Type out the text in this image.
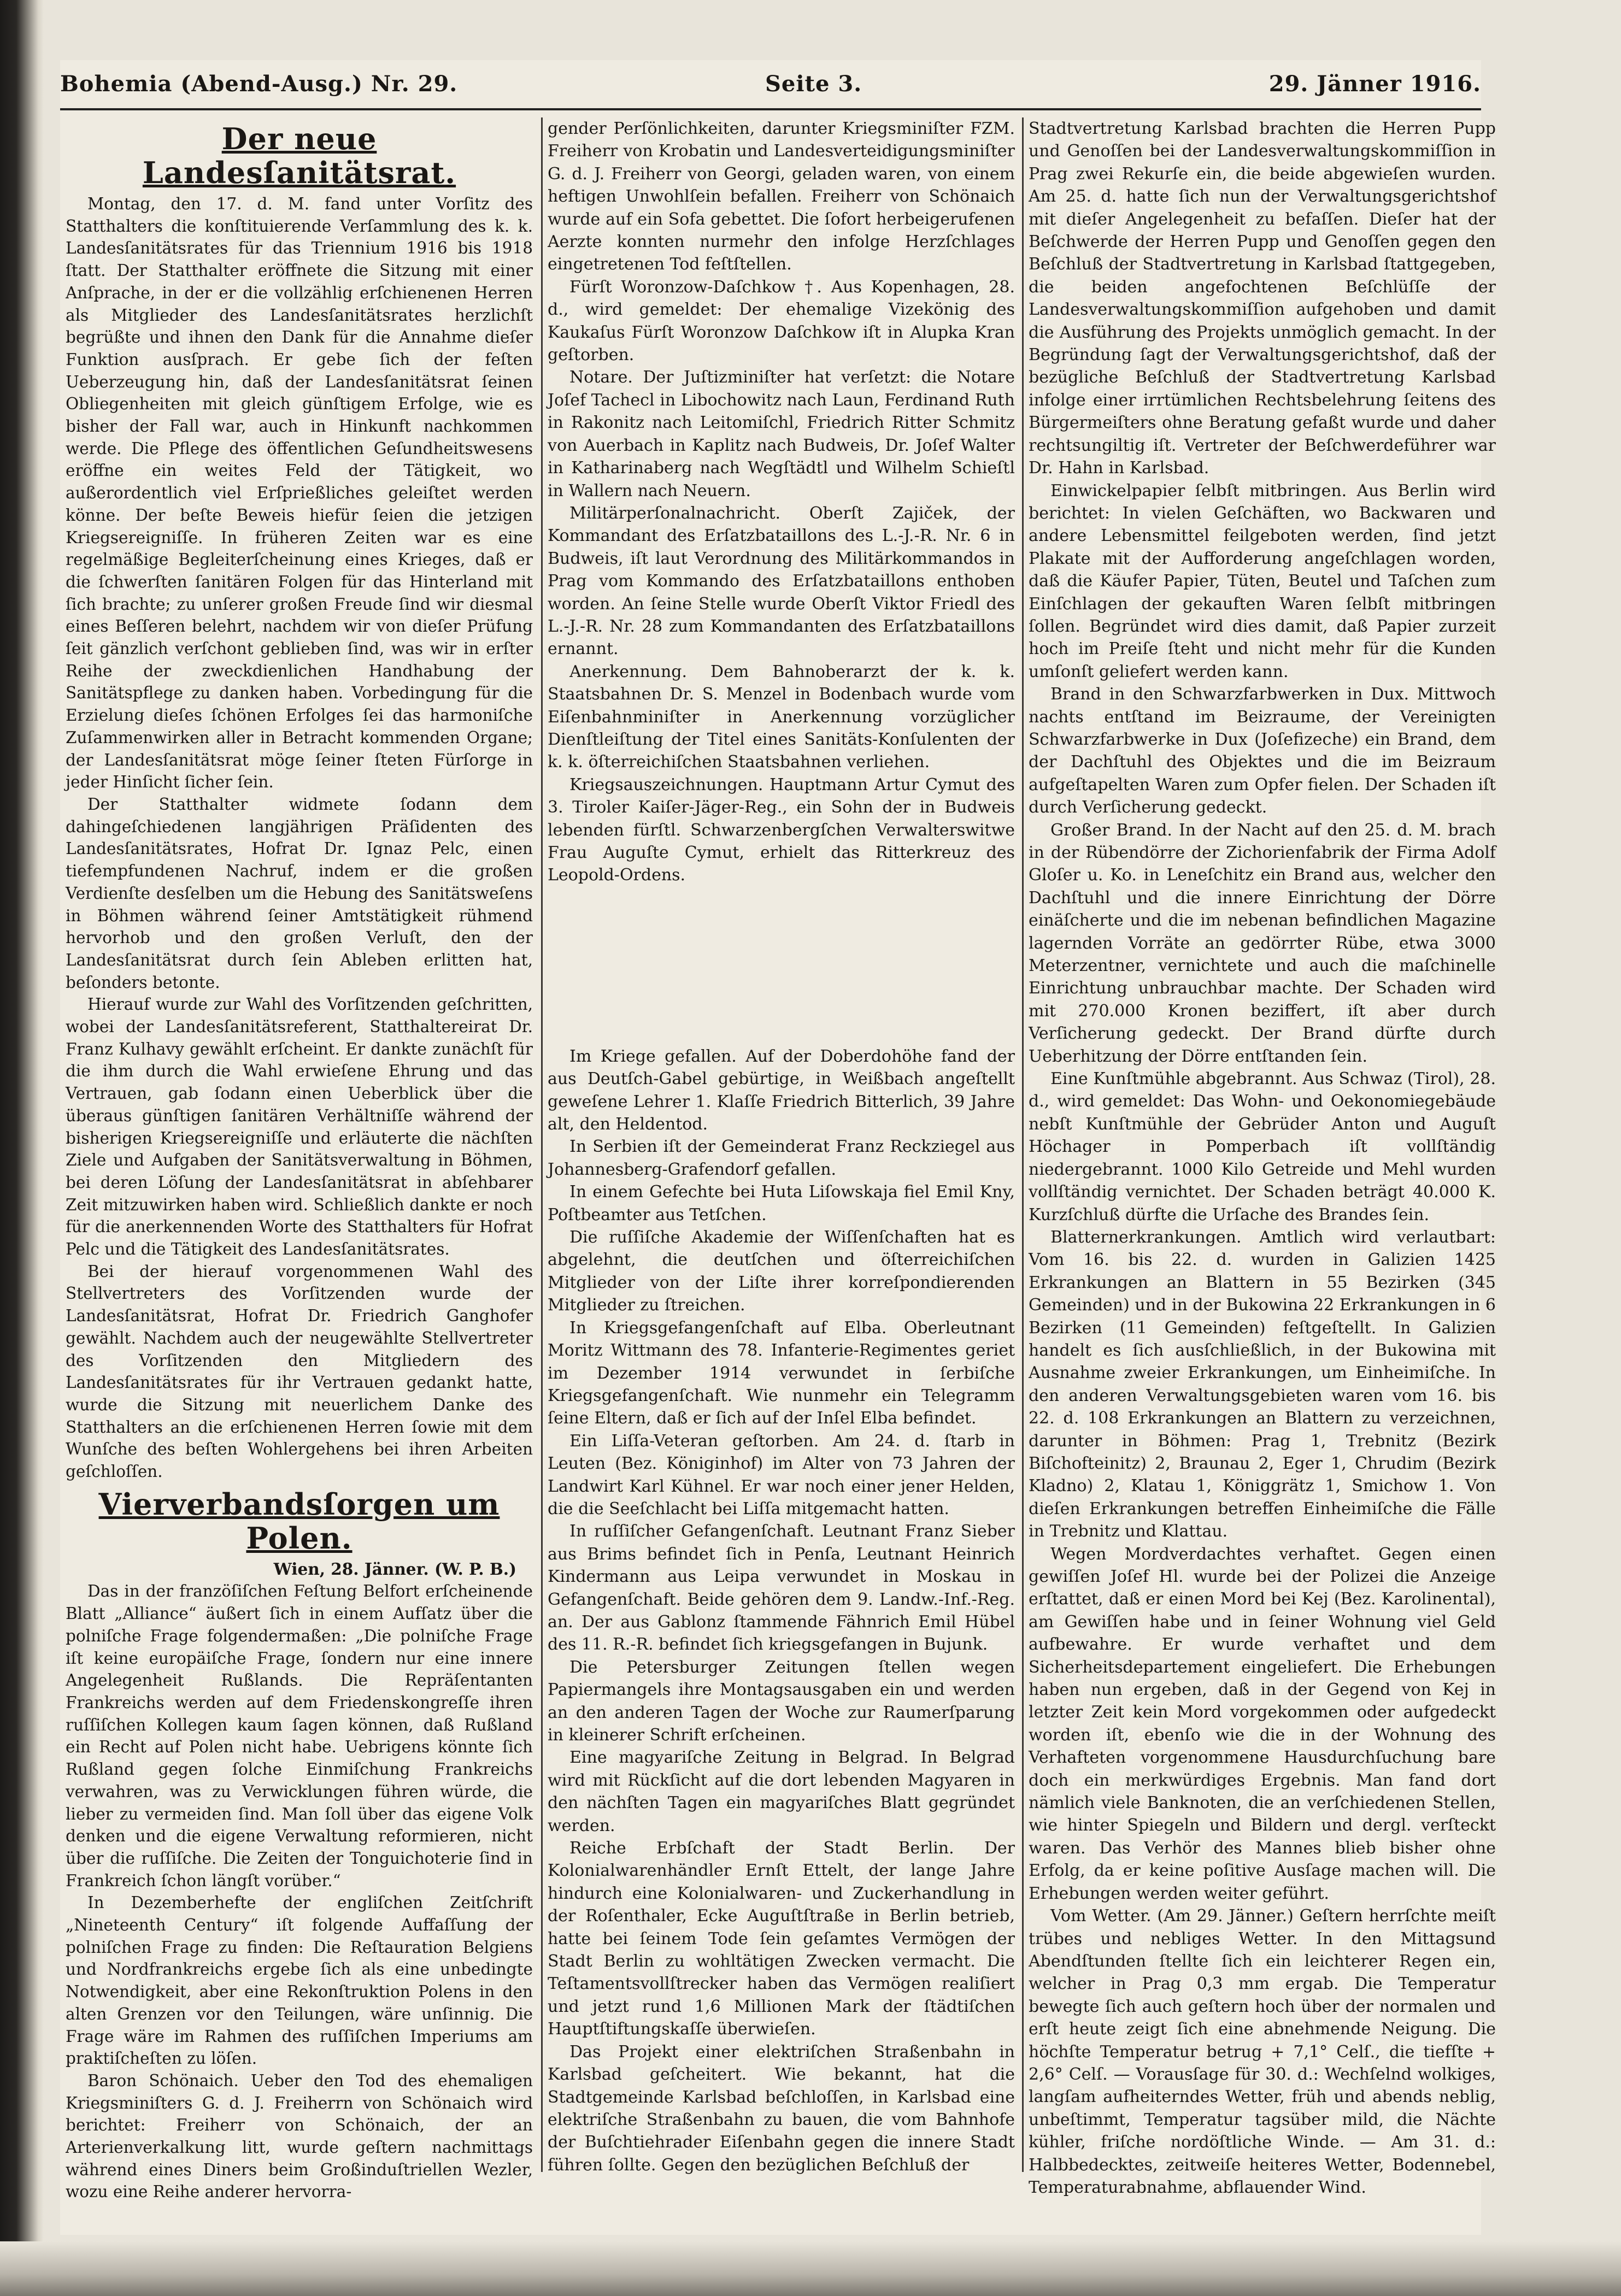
Bohemia (Abend-Ausg.) Nr. 29.	Seite 3.	29. Jänner 1916.
Der neue Landesſanitätsrat.

Montag, den 17. d. M. fand unter Vorſitz des Statthalters die konſtituierende Verſammlung des k. k. Landesſanitätsrates für das Triennium 1916 bis 1918 ſtatt. Der Statthalter eröffnete die Sitzung mit einer Anſprache, in der er die vollzählig erſchienenen Herren als Mitglieder des Landesſanitätsrates herzlichſt begrüßte und ihnen den Dank für die Annahme dieſer Funktion ausſprach. Er gebe ſich der feſten Ueberzeugung hin, daß der Landesſanitätsrat ſeinen Obliegenheiten mit gleich günſtigem Erfolge, wie es bisher der Fall war, auch in Hinkunft nachkommen werde. Die Pflege des öffentlichen Geſundheitswesens eröffne ein weites Feld der Tätigkeit, wo außerordentlich viel Erſprießliches geleiſtet werden könne. Der beſte Beweis hiefür ſeien die jetzigen Kriegsereigniſſe. In früheren Zeiten war es eine regelmäßige Begleiterſcheinung eines Krieges, daß er die ſchwerſten ſanitären Folgen für das Hinterland mit ſich brachte; zu unſerer großen Freude ſind wir diesmal eines Beſſeren belehrt, nachdem wir von dieſer Prüfung ſeit gänzlich verſchont geblieben ſind, was wir in erſter Reihe der zweckdienlichen Handhabung der Sanitätspflege zu danken haben. Vorbedingung für die Erzielung dieſes ſchönen Erfolges ſei das harmoniſche Zuſammenwirken aller in Betracht kommenden Organe; der Landesſanitätsrat möge ſeiner ſteten Fürſorge in jeder Hinſicht ſicher ſein.

Der Statthalter widmete ſodann dem dahingeſchiedenen langjährigen Präſidenten des Landesſanitätsrates, Hofrat Dr. Ignaz Pelc, einen tiefempfundenen Nachruf, indem er die großen Verdienſte desſelben um die Hebung des Sanitätsweſens in Böhmen während ſeiner Amtstätigkeit rühmend hervorhob und den großen Verluſt, den der Landesſanitätsrat durch ſein Ableben erlitten hat, beſonders betonte.

Hierauf wurde zur Wahl des Vorſitzenden geſchritten, wobei der Landesſanitätsreferent, Statthaltereirat Dr. Franz Kulhavy gewählt erſcheint. Er dankte zunächſt für die ihm durch die Wahl erwieſene Ehrung und das Vertrauen, gab ſodann einen Ueberblick über die überaus günſtigen ſanitären Verhältniſſe während der bisherigen Kriegsereigniſſe und erläuterte die nächſten Ziele und Aufgaben der Sanitätsverwaltung in Böhmen, bei deren Löſung der Landesſanitätsrat in abſehbarer Zeit mitzuwirken haben wird. Schließlich dankte er noch für die anerkennenden Worte des Statthalters für Hofrat Pelc und die Tätigkeit des Landesſanitätsrates.

Bei der hierauf vorgenommenen Wahl des Stellvertreters des Vorſitzenden wurde der Landesſanitätsrat, Hofrat Dr. Friedrich Ganghofer gewählt. Nachdem auch der neugewählte Stellvertreter des Vorſitzenden den Mitgliedern des Landesſanitätsrates für ihr Vertrauen gedankt hatte, wurde die Sitzung mit neuerlichem Danke des Statthalters an die erſchienenen Herren ſowie mit dem Wunſche des beſten Wohlergehens bei ihren Arbeiten geſchloſſen.

Vierverbandsſorgen um Polen.

Wien, 28. Jänner. (W. P. B.)

Das in der franzöſiſchen Feſtung Belfort erſcheinende Blatt „Alliance“ äußert ſich in einem Aufſatz über die polniſche Frage folgendermaßen: „Die polniſche Frage iſt keine europäiſche Frage, ſondern nur eine innere Angelegenheit Rußlands. Die Repräſentanten Frankreichs werden auf dem Friedenskongreſſe ihren ruſſiſchen Kollegen kaum ſagen können, daß Rußland ein Recht auf Polen nicht habe. Uebrigens könnte ſich Rußland gegen ſolche Einmiſchung Frankreichs verwahren, was zu Verwicklungen führen würde, die lieber zu vermeiden ſind. Man ſoll über das eigene Volk denken und die eigene Verwaltung reformieren, nicht über die ruſſiſche. Die Zeiten der Tonguichoterie ſind in Frankreich ſchon längſt vorüber.“

In Dezemberhefte der engliſchen Zeitſchrift „Nineteenth Century“ iſt folgende Auffaſſung der polniſchen Frage zu finden: Die Reſtauration Belgiens und Nordfrankreichs ergebe ſich als eine unbedingte Notwendigkeit, aber eine Rekonſtruktion Polens in den alten Grenzen vor den Teilungen, wäre unſinnig. Die Frage wäre im Rahmen des ruſſiſchen Imperiums am praktiſcheſten zu löſen.

Baron Schönaich. Ueber den Tod des ehemaligen Kriegsminiſters G. d. J. Freiherrn von Schönaich wird berichtet: Freiherr von Schönaich, der an Arterienverkalkung litt, wurde geſtern nachmittags während eines Diners beim Großinduſtriellen Wezler, wozu eine Reihe anderer hervorra-

gender Perſönlichkeiten, darunter Kriegsminiſter FZM. Freiherr von Krobatin und Landesverteidigungsminiſter G. d. J. Freiherr von Georgi, geladen waren, von einem heftigen Unwohlſein befallen. Freiherr von Schönaich wurde auf ein Sofa gebettet. Die ſofort herbeigerufenen Aerzte konnten nurmehr den infolge Herzſchlages eingetretenen Tod feſtſtellen.

Fürſt Woronzow-Daſchkow †. Aus Kopenhagen, 28. d., wird gemeldet: Der ehemalige Vizekönig des Kaukaſus Fürſt Woronzow Daſchkow iſt in Alupka Kran geſtorben.

Notare. Der Juſtizminiſter hat verſetzt: die Notare Joſef Tachecl in Libochowitz nach Laun, Ferdinand Ruth in Rakonitz nach Leitomiſchl, Friedrich Ritter Schmitz von Auerbach in Kaplitz nach Budweis, Dr. Joſef Walter in Katharinaberg nach Wegſtädtl und Wilhelm Schieſtl in Wallern nach Neuern.

Militärperſonalnachricht. Oberſt Zajiček, der Kommandant des Erſatzbataillons des L.-J.-R. Nr. 6 in Budweis, iſt laut Verordnung des Militärkommandos in Prag vom Kommando des Erſatzbataillons enthoben worden. An ſeine Stelle wurde Oberſt Viktor Friedl des L.-J.-R. Nr. 28 zum Kommandanten des Erſatzbataillons ernannt.

Anerkennung. Dem Bahnoberarzt der k. k. Staatsbahnen Dr. S. Menzel in Bodenbach wurde vom Eiſenbahnminiſter in Anerkennung vorzüglicher Dienſtleiſtung der Titel eines Sanitäts-Konſulenten der k. k. öſterreichiſchen Staatsbahnen verliehen.

Kriegsauszeichnungen. Hauptmann Artur Cymut des 3. Tiroler Kaiſer-Jäger-Reg., ein Sohn der in Budweis lebenden fürſtl. Schwarzenbergſchen Verwalterswitwe Frau Auguſte Cymut, erhielt das Ritterkreuz des Leopold-Ordens.

Im Kriege gefallen. Auf der Doberdohöhe fand der aus Deutſch-Gabel gebürtige, in Weißbach angeſtellt geweſene Lehrer 1. Klaſſe Friedrich Bitterlich, 39 Jahre alt, den Heldentod.

In Serbien iſt der Gemeinderat Franz Reckziegel aus Johannesberg-Grafendorf gefallen.

In einem Gefechte bei Huta Liſowskaja fiel Emil Kny, Poſtbeamter aus Tetſchen.

Die ruſſiſche Akademie der Wiſſenſchaften hat es abgelehnt, die deutſchen und öſterreichiſchen Mitglieder von der Liſte ihrer korreſpondierenden Mitglieder zu ſtreichen.

In Kriegsgefangenſchaft auf Elba. Oberleutnant Moritz Wittmann des 78. Infanterie-Regimentes geriet im Dezember 1914 verwundet in ſerbiſche Kriegsgefangenſchaft. Wie nunmehr ein Telegramm ſeine Eltern, daß er ſich auf der Inſel Elba befindet.

Ein Liſſa-Veteran geſtorben. Am 24. d. ſtarb in Leuten (Bez. Königinhof) im Alter von 73 Jahren der Landwirt Karl Kühnel. Er war noch einer jener Helden, die die Seeſchlacht bei Liſſa mitgemacht hatten.

In ruſſiſcher Gefangenſchaft. Leutnant Franz Sieber aus Brims befindet ſich in Penſa, Leutnant Heinrich Kindermann aus Leipa verwundet in Moskau in Gefangenſchaft. Beide gehören dem 9. Landw.-Inf.-Reg. an. Der aus Gablonz ſtammende Fähnrich Emil Hübel des 11. R.-R. befindet ſich kriegsgefangen in Bujunk.

Die Petersburger Zeitungen ſtellen wegen Papiermangels ihre Montagsausgaben ein und werden an den anderen Tagen der Woche zur Raumerſparung in kleinerer Schrift erſcheinen.

Eine magyariſche Zeitung in Belgrad. In Belgrad wird mit Rückſicht auf die dort lebenden Magyaren in den nächſten Tagen ein magyariſches Blatt gegründet werden.

Reiche Erbſchaft der Stadt Berlin. Der Kolonialwarenhändler Ernſt Ettelt, der lange Jahre hindurch eine Kolonialwaren- und Zuckerhandlung in der Roſenthaler, Ecke Auguſtſtraße in Berlin betrieb, hatte bei ſeinem Tode ſein geſamtes Vermögen der Stadt Berlin zu wohltätigen Zwecken vermacht. Die Teſtamentsvollſtrecker haben das Vermögen realiſiert und jetzt rund 1,6 Millionen Mark der ſtädtiſchen Hauptſtiftungskaſſe überwieſen.

Das Projekt einer elektriſchen Straßenbahn in Karlsbad geſcheitert. Wie bekannt, hat die Stadtgemeinde Karlsbad beſchloſſen, in Karlsbad eine elektriſche Straßenbahn zu bauen, die vom Bahnhofe der Buſchtiehrader Eiſenbahn gegen die innere Stadt führen ſollte. Gegen den bezüglichen Beſchluß der

Stadtvertretung Karlsbad brachten die Herren Pupp und Genoſſen bei der Landesverwaltungskommiſſion in Prag zwei Rekurſe ein, die beide abgewieſen wurden. Am 25. d. hatte ſich nun der Verwaltungsgerichtshof mit dieſer Angelegenheit zu befaſſen. Dieſer hat der Beſchwerde der Herren Pupp und Genoſſen gegen den Beſchluß der Stadtvertretung in Karlsbad ſtattgegeben, die beiden angefochtenen Beſchlüſſe der Landesverwaltungskommiſſion aufgehoben und damit die Ausführung des Projekts unmöglich gemacht. In der Begründung ſagt der Verwaltungsgerichtshof, daß der bezügliche Beſchluß der Stadtvertretung Karlsbad infolge einer irrtümlichen Rechtsbelehrung ſeitens des Bürgermeiſters ohne Beratung gefaßt wurde und daher rechtsungiltig iſt. Vertreter der Beſchwerdeführer war Dr. Hahn in Karlsbad.

Einwickelpapier ſelbſt mitbringen. Aus Berlin wird berichtet: In vielen Geſchäften, wo Backwaren und andere Lebensmittel feilgeboten werden, ſind jetzt Plakate mit der Aufforderung angeſchlagen worden, daß die Käufer Papier, Tüten, Beutel und Taſchen zum Einſchlagen der gekauften Waren ſelbſt mitbringen ſollen. Begründet wird dies damit, daß Papier zurzeit hoch im Preiſe ſteht und nicht mehr für die Kunden umſonſt geliefert werden kann.

Brand in den Schwarzfarbwerken in Dux. Mittwoch nachts entſtand im Beizraume, der Vereinigten Schwarzfarbwerke in Dux (Joſefizeche) ein Brand, dem der Dachſtuhl des Objektes und die im Beizraum aufgeſtapelten Waren zum Opfer fielen. Der Schaden iſt durch Verſicherung gedeckt.

Großer Brand. In der Nacht auf den 25. d. M. brach in der Rübendörre der Zichorienfabrik der Firma Adolf Gloſer u. Ko. in Leneſchitz ein Brand aus, welcher den Dachſtuhl und die innere Einrichtung der Dörre einäſcherte und die im nebenan befindlichen Magazine lagernden Vorräte an gedörrter Rübe, etwa 3000 Meterzentner, vernichtete und auch die maſchinelle Einrichtung unbrauchbar machte. Der Schaden wird mit 270.000 Kronen beziffert, iſt aber durch Verſicherung gedeckt. Der Brand dürfte durch Ueberhitzung der Dörre entſtanden ſein.

Eine Kunſtmühle abgebrannt. Aus Schwaz (Tirol), 28. d., wird gemeldet: Das Wohn- und Oekonomiegebäude nebſt Kunſtmühle der Gebrüder Anton und Auguſt Höchager in Pomperbach iſt vollſtändig niedergebrannt. 1000 Kilo Getreide und Mehl wurden vollſtändig vernichtet. Der Schaden beträgt 40.000 K. Kurzſchluß dürfte die Urſache des Brandes ſein.

Blatternerkrankungen. Amtlich wird verlautbart: Vom 16. bis 22. d. wurden in Galizien 1425 Erkrankungen an Blattern in 55 Bezirken (345 Gemeinden) und in der Bukowina 22 Erkrankungen in 6 Bezirken (11 Gemeinden) feſtgeſtellt. In Galizien handelt es ſich ausſchließlich, in der Bukowina mit Ausnahme zweier Erkrankungen, um Einheimiſche. In den anderen Verwaltungsgebieten waren vom 16. bis 22. d. 108 Erkrankungen an Blattern zu verzeichnen, darunter in Böhmen: Prag 1, Trebnitz (Bezirk Biſchofteinitz) 2, Braunau 2, Eger 1, Chrudim (Bezirk Kladno) 2, Klatau 1, Königgrätz 1, Smichow 1. Von dieſen Erkrankungen betreffen Einheimiſche die Fälle in Trebnitz und Klattau.

Wegen Mordverdachtes verhaftet. Gegen einen gewiſſen Joſef Hl. wurde bei der Polizei die Anzeige erſtattet, daß er einen Mord bei Kej (Bez. Karolinental), am Gewiſſen habe und in ſeiner Wohnung viel Geld aufbewahre. Er wurde verhaftet und dem Sicherheitsdepartement eingeliefert. Die Erhebungen haben nun ergeben, daß in der Gegend von Kej in letzter Zeit kein Mord vorgekommen oder aufgedeckt worden iſt, ebenſo wie die in der Wohnung des Verhafteten vorgenommene Hausdurchſuchung bare doch ein merkwürdiges Ergebnis. Man fand dort nämlich viele Banknoten, die an verſchiedenen Stellen, wie hinter Spiegeln und Bildern und dergl. verſteckt waren. Das Verhör des Mannes blieb bisher ohne Erfolg, da er keine poſitive Ausſage machen will. Die Erhebungen werden weiter geführt.

Vom Wetter. (Am 29. Jänner.) Geſtern herrſchte meiſt trübes und nebliges Wetter. In den Mittagsund Abendſtunden ſtellte ſich ein leichterer Regen ein, welcher in Prag 0,3 mm ergab. Die Temperatur bewegte ſich auch geſtern hoch über der normalen und erſt heute zeigt ſich eine abnehmende Neigung. Die höchſte Temperatur betrug + 7,1° Celſ., die tiefſte + 2,6° Celſ. — Vorausſage für 30. d.: Wechſelnd wolkiges, langſam aufheiterndes Wetter, früh und abends neblig, unbeſtimmt, Temperatur tagsüber mild, die Nächte kühler, friſche nordöſtliche Winde. — Am 31. d.: Halbbedecktes, zeitweiſe heiteres Wetter, Bodennebel, Temperaturabnahme, abflauender Wind.
